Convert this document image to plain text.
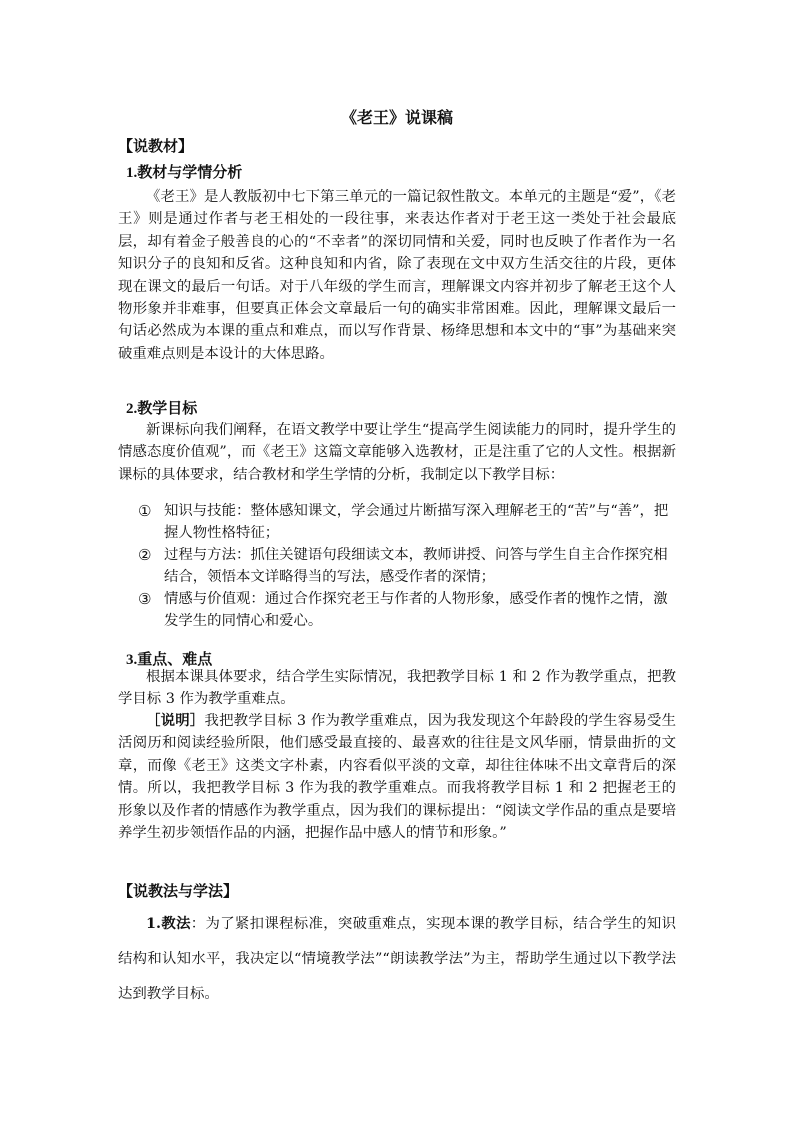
《老王》说课稿
【说教材】
1.教材与学情分析
《老王》是人教版初中七下第三单元的一篇记叙性散文。本单元的主题是“爱”，《老王》则是通过作者与老王相处的一段往事，来表达作者对于老王这一类处于社会最底层，却有着金子般善良的心的“不幸者”的深切同情和关爱，同时也反映了作者作为一名知识分子的良知和反省。这种良知和内省，除了表现在文中双方生活交往的片段，更体现在课文的最后一句话。对于八年级的学生而言，理解课文内容并初步了解老王这个人物形象并非难事，但要真正体会文章最后一句的确实非常困难。因此，理解课文最后一句话必然成为本课的重点和难点，而以写作背景、杨绛思想和本文中的“事”为基础来突破重难点则是本设计的大体思路。
2.教学目标
新课标向我们阐释，在语文教学中要让学生“提高学生阅读能力的同时，提升学生的情感态度价值观”，而《老王》这篇文章能够入选教材，正是注重了它的人文性。根据新课标的具体要求，结合教材和学生学情的分析，我制定以下教学目标：
① 知识与技能：整体感知课文，学会通过片断描写深入理解老王的“苦”与“善”，把握人物性格特征；
② 过程与方法：抓住关键语句段细读文本，教师讲授、问答与学生自主合作探究相结合，领悟本文详略得当的写法，感受作者的深情；
③ 情感与价值观：通过合作探究老王与作者的人物形象，感受作者的愧怍之情，激发学生的同情心和爱心。
3.重点、难点
根据本课具体要求，结合学生实际情况，我把教学目标 1 和 2 作为教学重点，把教学目标 3 作为教学重难点。
［说明］我把教学目标 3 作为教学重难点，因为我发现这个年龄段的学生容易受生活阅历和阅读经验所限，他们感受最直接的、最喜欢的往往是文风华丽，情景曲折的文章，而像《老王》这类文字朴素，内容看似平淡的文章，却往往体味不出文章背后的深情。所以，我把教学目标 3 作为我的教学重难点。而我将教学目标 1 和 2 把握老王的形象以及作者的情感作为教学重点，因为我们的课标提出：“阅读文学作品的重点是要培养学生初步领悟作品的内涵，把握作品中感人的情节和形象。”
【说教法与学法】
1.教法：为了紧扣课程标准，突破重难点，实现本课的教学目标，结合学生的知识结构和认知水平，我决定以“情境教学法”“朗读教学法”为主，帮助学生通过以下教学法达到教学目标。
